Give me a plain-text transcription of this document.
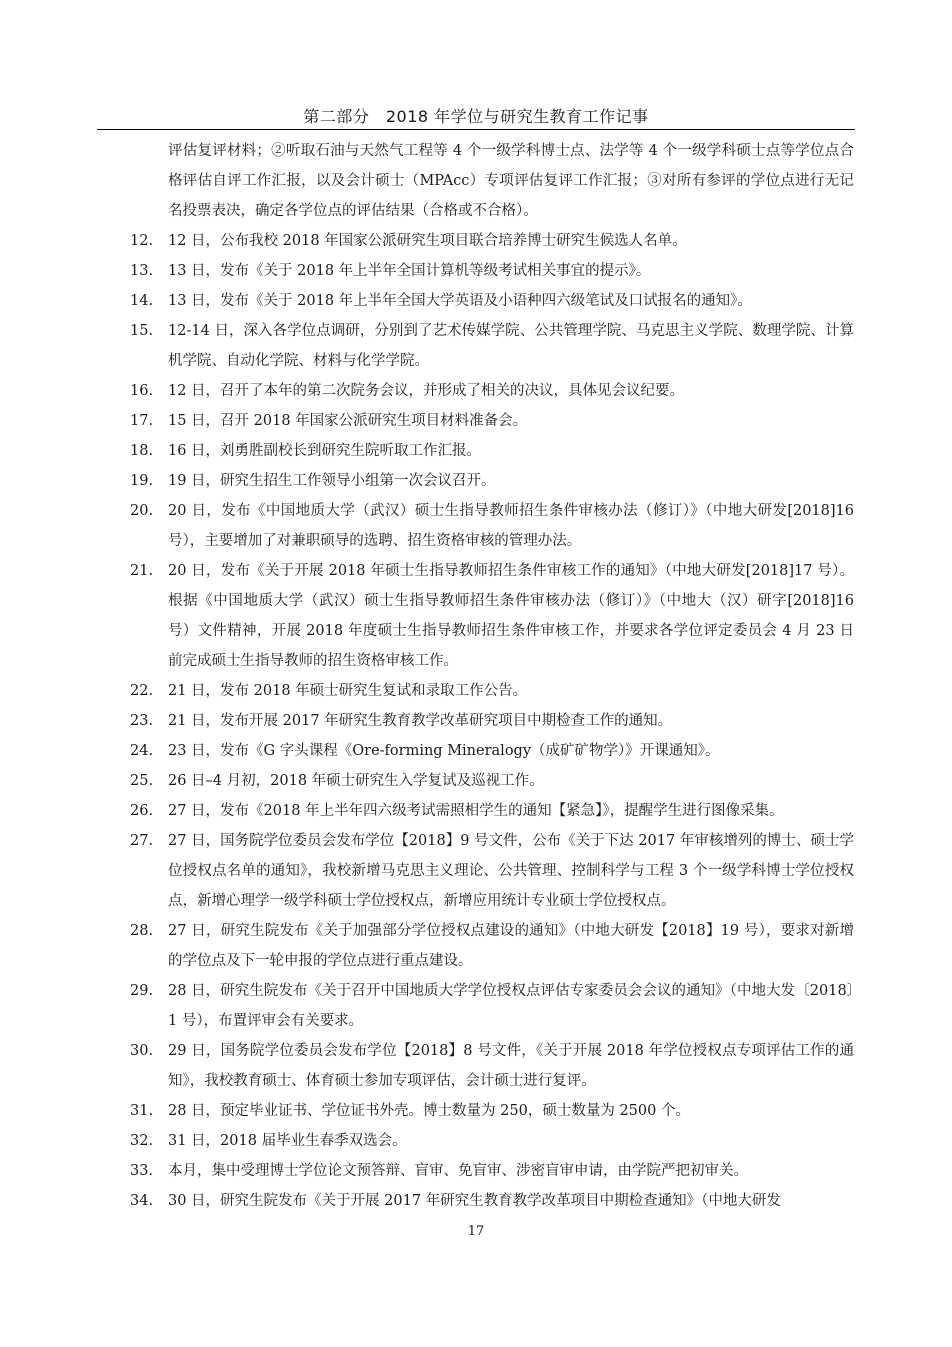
第二部分　2018 年学位与研究生教育工作记事
评估复评材料；②听取石油与天然气工程等 4 个一级学科博士点、法学等 4 个一级学科硕士点等学位点合格评估自评工作汇报，以及会计硕士（MPAcc）专项评估复评工作汇报；③对所有参评的学位点进行无记名投票表决，确定各学位点的评估结果（合格或不合格）。
12. 12 日，公布我校 2018 年国家公派研究生项目联合培养博士研究生候选人名单。
13. 13 日，发布《关于 2018 年上半年全国计算机等级考试相关事宜的提示》。
14. 13 日，发布《关于 2018 年上半年全国大学英语及小语种四六级笔试及口试报名的通知》。
15. 12-14 日，深入各学位点调研，分别到了艺术传媒学院、公共管理学院、马克思主义学院、数理学院、计算机学院、自动化学院、材料与化学学院。
16. 12 日，召开了本年的第二次院务会议，并形成了相关的决议，具体见会议纪要。
17. 15 日，召开 2018 年国家公派研究生项目材料准备会。
18. 16 日，刘勇胜副校长到研究生院听取工作汇报。
19. 19 日，研究生招生工作领导小组第一次会议召开。
20. 20 日，发布《中国地质大学（武汉）硕士生指导教师招生条件审核办法（修订）》（中地大研发[2018]16 号），主要增加了对兼职硕导的选聘、招生资格审核的管理办法。
21. 20 日，发布《关于开展 2018 年硕士生指导教师招生条件审核工作的通知》（中地大研发[2018]17 号）。根据《中国地质大学（武汉）硕士生指导教师招生条件审核办法（修订）》（中地大（汉）研字[2018]16 号）文件精神，开展 2018 年度硕士生指导教师招生条件审核工作，并要求各学位评定委员会 4 月 23 日前完成硕士生指导教师的招生资格审核工作。
22. 21 日，发布 2018 年硕士研究生复试和录取工作公告。
23. 21 日，发布开展 2017 年研究生教育教学改革研究项目中期检查工作的通知。
24. 23 日，发布《G 字头课程《Ore-forming Mineralogy（成矿矿物学）》开课通知》。
25. 26 日–4 月初，2018 年硕士研究生入学复试及巡视工作。
26. 27 日，发布《2018 年上半年四六级考试需照相学生的通知【紧急】》，提醒学生进行图像采集。
27. 27 日，国务院学位委员会发布学位【2018】9 号文件，公布《关于下达 2017 年审核增列的博士、硕士学位授权点名单的通知》，我校新增马克思主义理论、公共管理、控制科学与工程 3 个一级学科博士学位授权点，新增心理学一级学科硕士学位授权点，新增应用统计专业硕士学位授权点。
28. 27 日，研究生院发布《关于加强部分学位授权点建设的通知》（中地大研发【2018】19 号），要求对新增的学位点及下一轮申报的学位点进行重点建设。
29. 28 日，研究生院发布《关于召开中国地质大学学位授权点评估专家委员会会议的通知》（中地大发〔2018〕1 号），布置评审会有关要求。
30. 29 日，国务院学位委员会发布学位【2018】8 号文件，《关于开展 2018 年学位授权点专项评估工作的通知》，我校教育硕士、体育硕士参加专项评估，会计硕士进行复评。
31. 28 日，预定毕业证书、学位证书外壳。博士数量为 250，硕士数量为 2500 个。
32. 31 日，2018 届毕业生春季双选会。
33. 本月，集中受理博士学位论文预答辩、盲审、免盲审、涉密盲审申请，由学院严把初审关。
34. 30 日，研究生院发布《关于开展 2017 年研究生教育教学改革项目中期检查通知》（中地大研发
17
